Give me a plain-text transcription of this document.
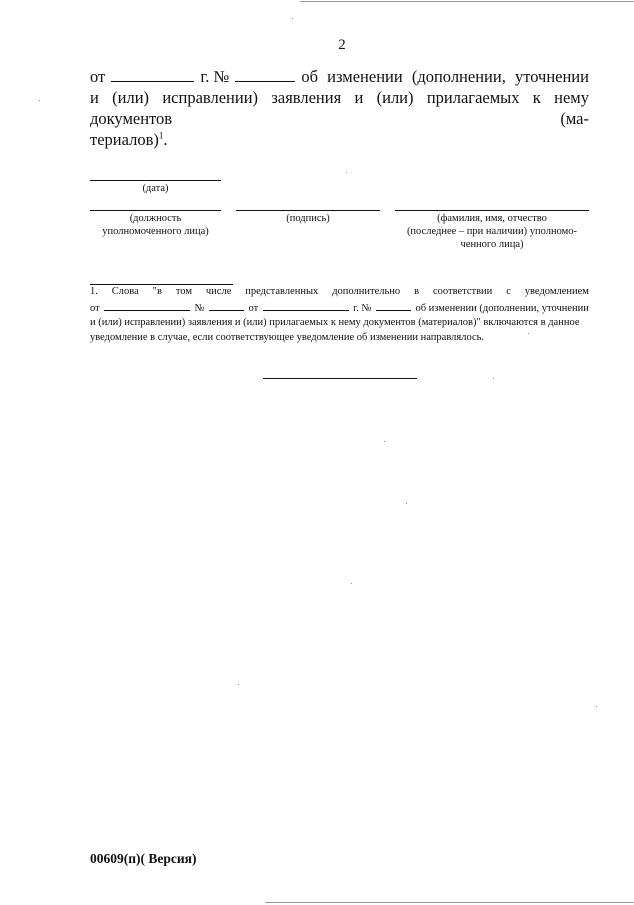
2
от	г. №	об изменении (дополнении, уточнении

и (или) исправлении) заявления и (или) прилагаемых к нему документов (ма-

териалов)$^1$.

(дата)
(должность
уполномоченного лица)
(подпись)	(фамилия, имя, отчество
(последнее – при наличии) уполномо-
ченного лица)
1. Слова "в том числе представленных дополнительно в соответствии с уведомлением
от	№	от	г. №	об изменении (дополнении, уточнении

и (или) исправлении) заявления и (или) прилагаемых к нему документов (материалов)" включаются в данное

уведомление в случае, если соответствующее уведомление об изменении направлялось.

00609(п)( Версия)
